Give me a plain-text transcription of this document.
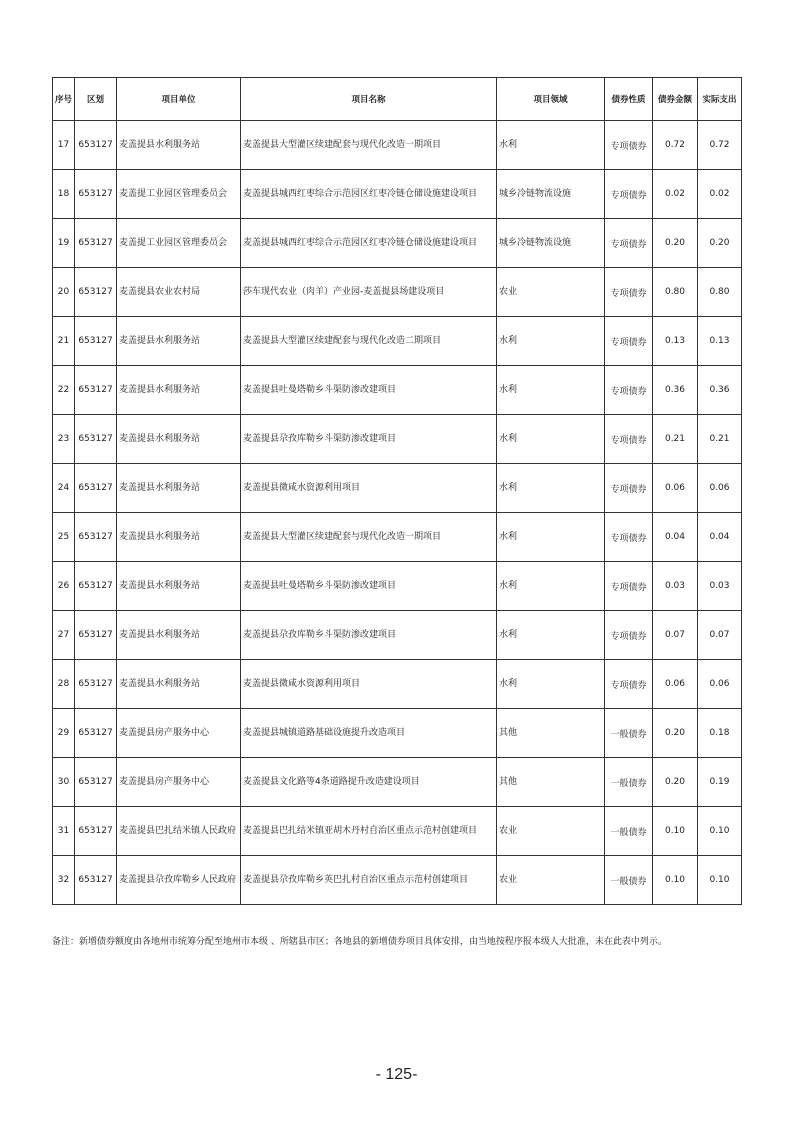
序号	区划	项目单位	项目名称	项目领域	债券性质	债券金额	实际支出
17	653127	麦盖提县水利服务站	麦盖提县大型灌区续建配套与现代化改造一期项目	水利	专项债券	0.72	0.72
18	653127	麦盖提工业园区管理委员会	麦盖提县城西红枣综合示范园区红枣冷链仓储设施建设项目	城乡冷链物流设施	专项债券	0.02	0.02
19	653127	麦盖提工业园区管理委员会	麦盖提县城西红枣综合示范园区红枣冷链仓储设施建设项目	城乡冷链物流设施	专项债券	0.20	0.20
20	653127	麦盖提县农业农村局	莎车现代农业（肉羊）产业园-麦盖提县场建设项目	农业	专项债券	0.80	0.80
21	653127	麦盖提县水利服务站	麦盖提县大型灌区续建配套与现代化改造二期项目	水利	专项债券	0.13	0.13
22	653127	麦盖提县水利服务站	麦盖提县吐曼塔勒乡斗渠防渗改建项目	水利	专项债券	0.36	0.36
23	653127	麦盖提县水利服务站	麦盖提县尕孜库勒乡斗渠防渗改建项目	水利	专项债券	0.21	0.21
24	653127	麦盖提县水利服务站	麦盖提县微咸水资源利用项目	水利	专项债券	0.06	0.06
25	653127	麦盖提县水利服务站	麦盖提县大型灌区续建配套与现代化改造一期项目	水利	专项债券	0.04	0.04
26	653127	麦盖提县水利服务站	麦盖提县吐曼塔勒乡斗渠防渗改建项目	水利	专项债券	0.03	0.03
27	653127	麦盖提县水利服务站	麦盖提县尕孜库勒乡斗渠防渗改建项目	水利	专项债券	0.07	0.07
28	653127	麦盖提县水利服务站	麦盖提县微咸水资源利用项目	水利	专项债券	0.06	0.06
29	653127	麦盖提县房产服务中心	麦盖提县城镇道路基础设施提升改造项目	其他	一般债券	0.20	0.18
30	653127	麦盖提县房产服务中心	麦盖提县文化路等4条道路提升改造建设项目	其他	一般债券	0.20	0.19
31	653127	麦盖提县巴扎结米镇人民政府	麦盖提县巴扎结米镇亚胡木丹村自治区重点示范村创建项目	农业	一般债券	0.10	0.10
32	653127	麦盖提县尕孜库勒乡人民政府	麦盖提县尕孜库勒乡英巴扎村自治区重点示范村创建项目	农业	一般债券	0.10	0.10
备注：新增债券额度由各地州市统筹分配至地州市本级 、所辖县市区；各地县的新增债券项目具体安排，由当地按程序报本级人大批准，未在此表中列示。
- 125-
